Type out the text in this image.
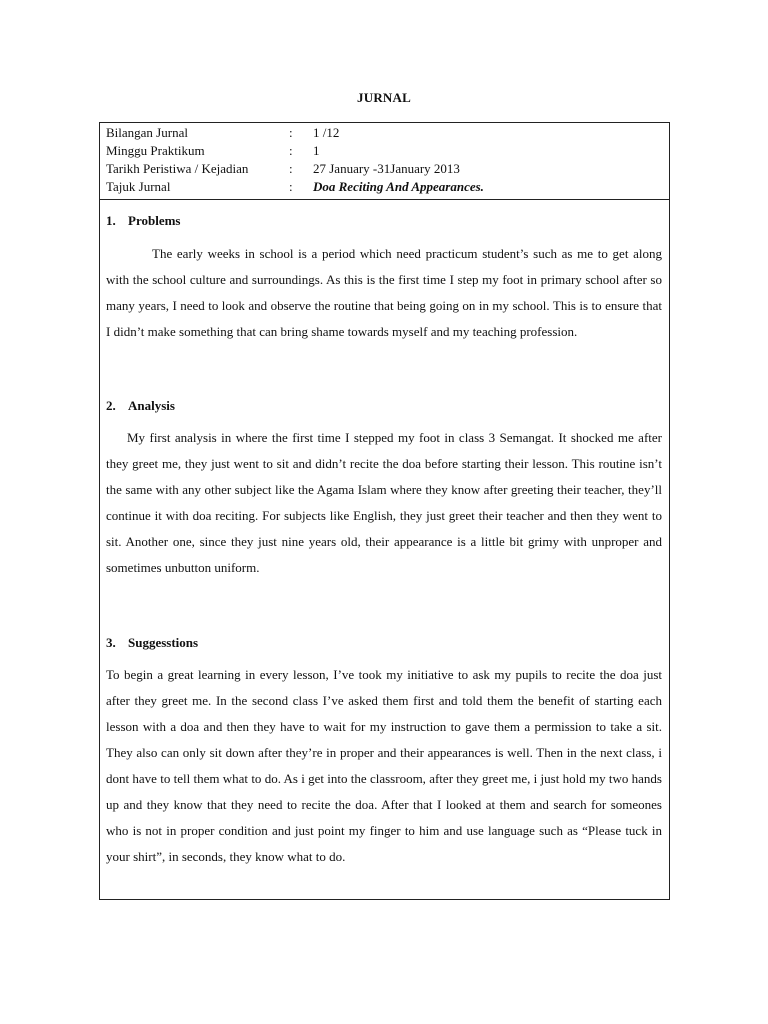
JURNAL
Bilangan Jurnal	: 1 /12
Minggu Praktikum	: 1
Tarikh Peristiwa / Kejadian	: 27 January -31January 2013
Tajuk Jurnal	: Doa Reciting And Appearances.
1. Problems
The early weeks in school is a period which need practicum student’s such as me to get along with the school culture and surroundings. As this is the first time I step my foot in primary school after so many years, I need to look and observe the routine that being going on in my school. This is to ensure that I didn’t make something that can bring shame towards myself and my teaching profession.
2. Analysis
My first analysis in where the first time I stepped my foot in class 3 Semangat. It shocked me after they greet me, they just went to sit and didn’t recite the doa before starting their lesson. This routine isn’t the same with any other subject like the Agama Islam where they know after greeting their teacher, they’ll continue it with doa reciting. For subjects like English, they just greet their teacher and then they went to sit. Another one, since they just nine years old, their appearance is a little bit grimy with unproper and sometimes unbutton uniform.
3. Suggesstions
To begin a great learning in every lesson, I’ve took my initiative to ask my pupils to recite the doa just after they greet me. In the second class I’ve asked them first and told them the benefit of starting each lesson with a doa and then they have to wait for my instruction to gave them a permission to take a sit. They also can only sit down after they’re in proper and their appearances is well. Then in the next class, i dont have to tell them what to do. As i get into the classroom, after they greet me, i just hold my two hands up and they know that they need to recite the doa. After that I looked at them and search for someones who is not in proper condition and just point my finger to him and use language such as “Please tuck in your shirt”, in seconds, they know what to do.
